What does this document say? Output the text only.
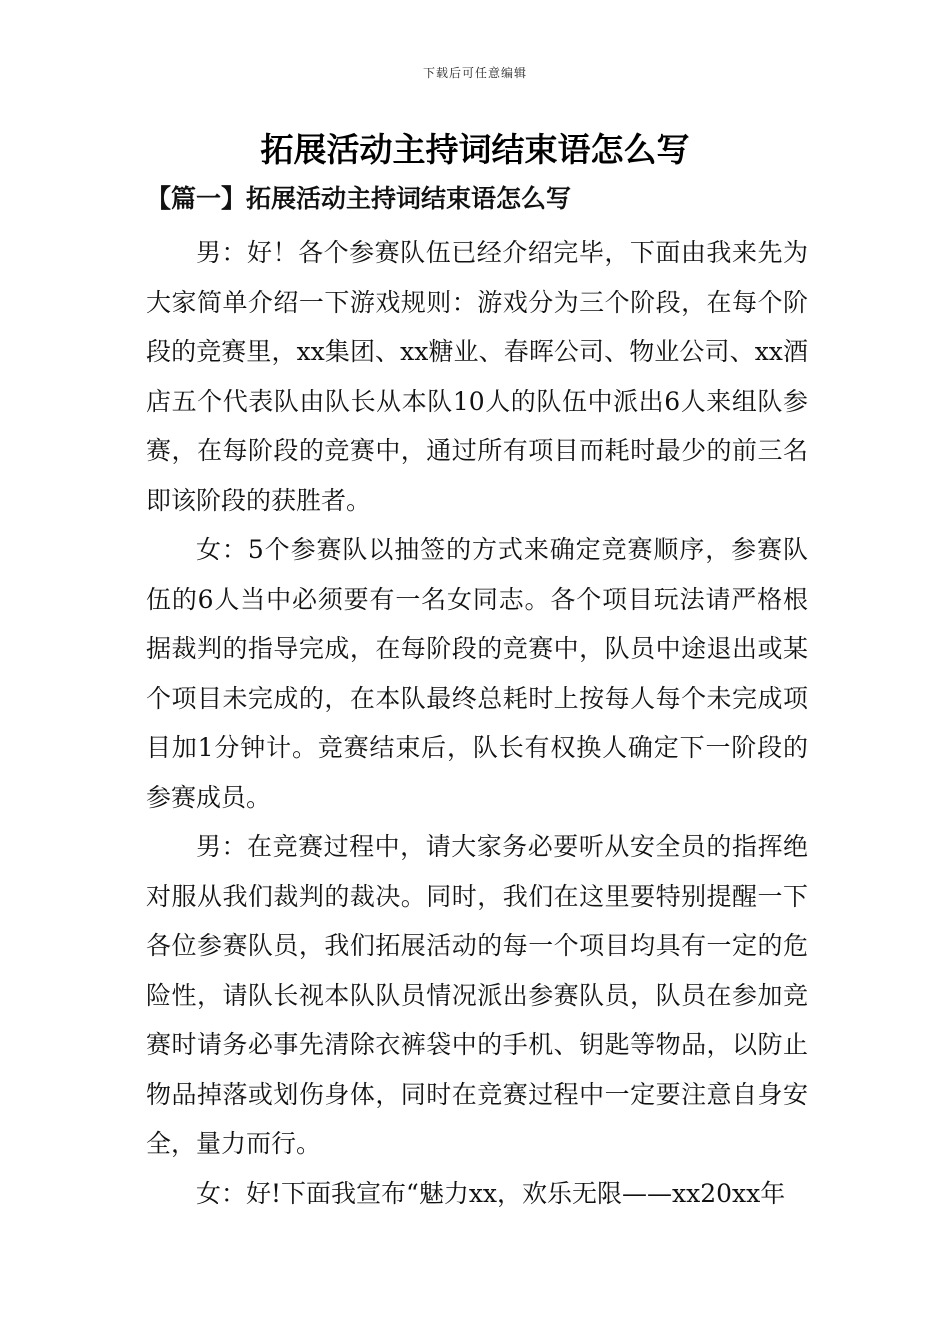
下载后可任意编辑
拓展活动主持词结束语怎么写
【篇一】拓展活动主持词结束语怎么写

男：好！各个参赛队伍已经介绍完毕，下面由我来先为大家简单介绍一下游戏规则：游戏分为三个阶段，在每个阶段的竞赛里，xx集团、xx糖业、春晖公司、物业公司、xx酒店五个代表队由队长从本队10人的队伍中派出6人来组队参赛，在每阶段的竞赛中，通过所有项目而耗时最少的前三名即该阶段的获胜者。

女：5个参赛队以抽签的方式来确定竞赛顺序，参赛队伍的6人当中必须要有一名女同志。各个项目玩法请严格根据裁判的指导完成，在每阶段的竞赛中，队员中途退出或某个项目未完成的，在本队最终总耗时上按每人每个未完成项目加1分钟计。竞赛结束后，队长有权换人确定下一阶段的参赛成员。

男：在竞赛过程中，请大家务必要听从安全员的指挥绝对服从我们裁判的裁决。同时，我们在这里要特别提醒一下各位参赛队员，我们拓展活动的每一个项目均具有一定的危险性，请队长视本队队员情况派出参赛队员，队员在参加竞赛时请务必事先清除衣裤袋中的手机、钥匙等物品，以防止物品掉落或划伤身体，同时在竞赛过程中一定要注意自身安全，量力而行。

女：好!下面我宣布“魅力xx，欢乐无限——xx20xx年
